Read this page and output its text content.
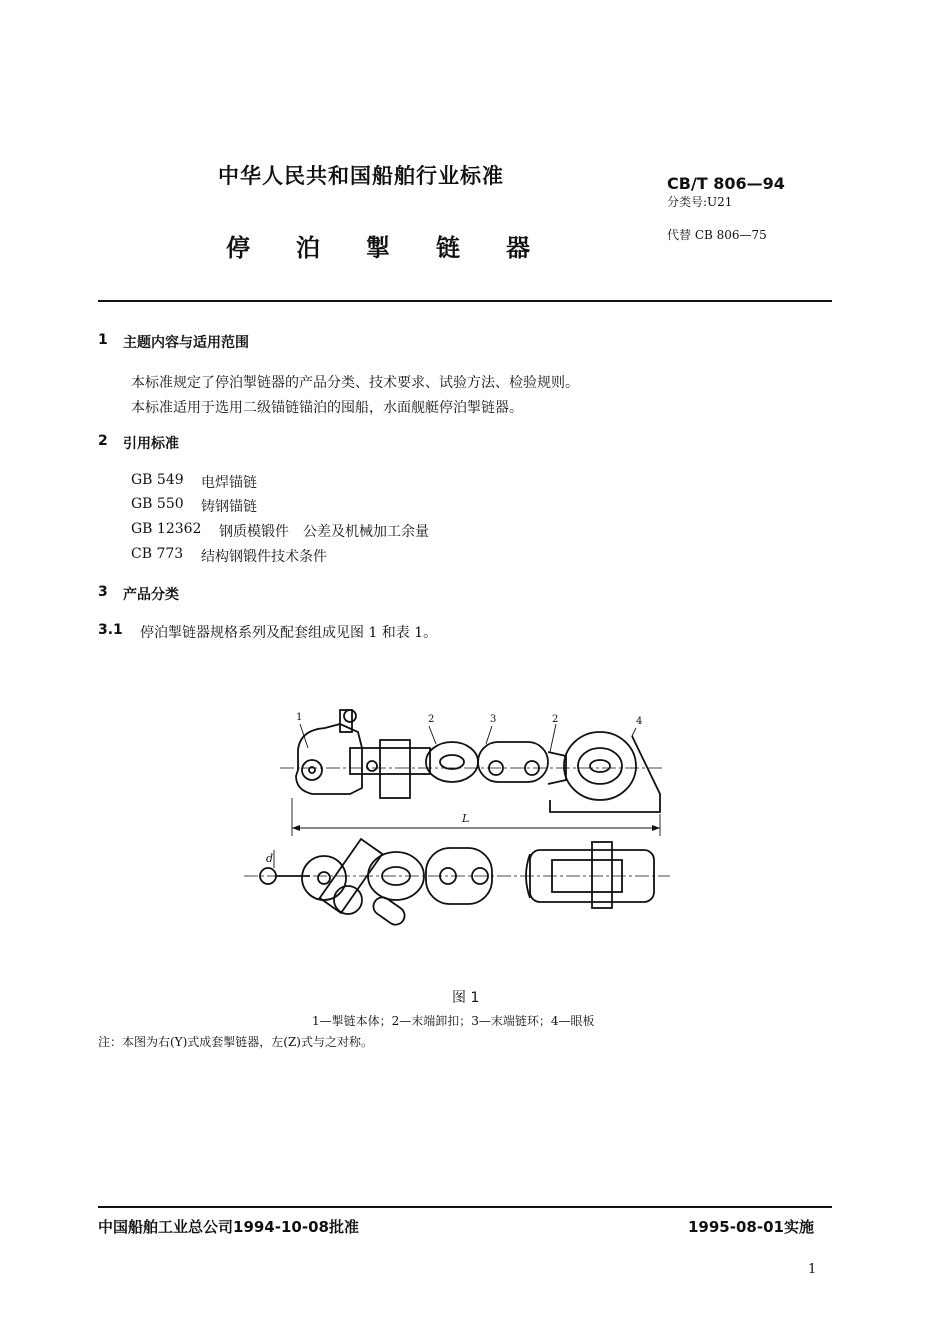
中华人民共和国船舶行业标准
停 泊 掣 链 器
CB/T 806—94
分类号:U21
代替 CB 806—75
1 主题内容与适用范围
本标准规定了停泊掣链器的产品分类、技术要求、试验方法、检验规则。
本标准适用于选用二级锚链锚泊的囤船，水面舰艇停泊掣链器。
2 引用标准
GB 549 电焊锚链
GB 550 铸钢锚链
GB 12362 钢质模锻件　公差及机械加工余量
CB 773 结构钢锻件技术条件
3 产品分类
3.1 停泊掣链器规格系列及配套组成见图 1 和表 1。
1	2	3	2	4
L
d
图 1
1—掣链本体；2—末端卸扣；3—末端链环；4—眼板
注：本图为右(Y)式成套掣链器，左(Z)式与之对称。
中国船舶工业总公司1994-10-08批准	1995-08-01实施
1
